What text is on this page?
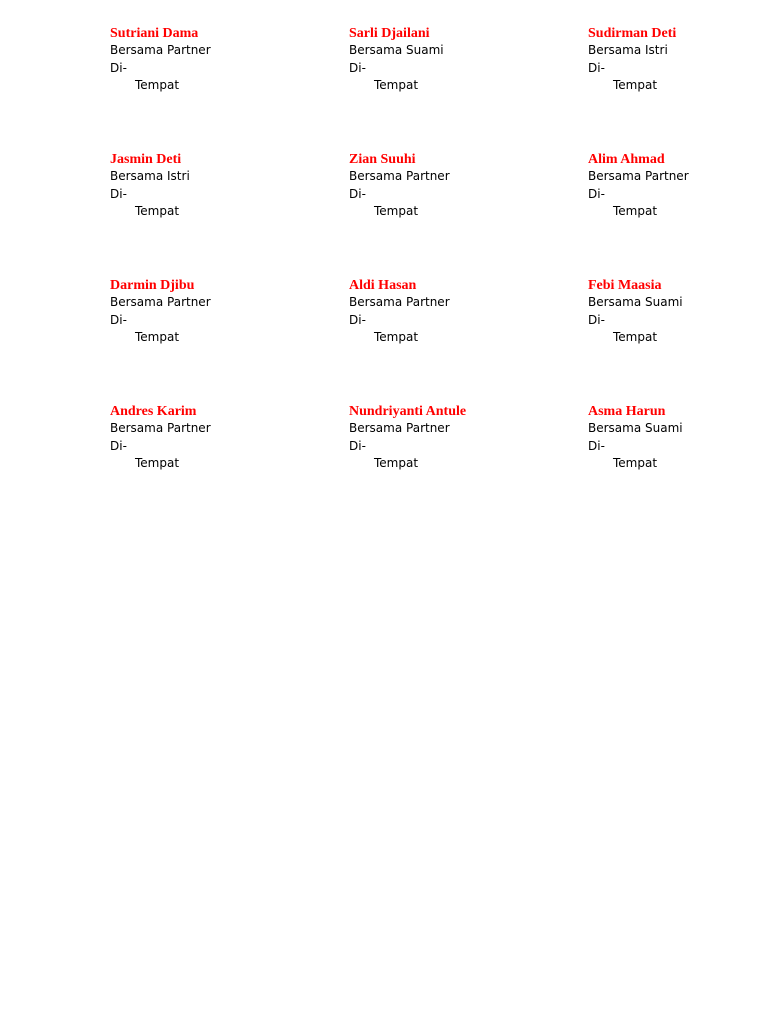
Sutriani Dama
Bersama Partner
Di-
Tempat
Sarli Djailani
Bersama Suami
Di-
Tempat
Sudirman Deti
Bersama Istri
Di-
Tempat
Jasmin Deti
Bersama Istri
Di-
Tempat
Zian Suuhi
Bersama Partner
Di-
Tempat
Alim Ahmad
Bersama Partner
Di-
Tempat
Darmin Djibu
Bersama Partner
Di-
Tempat
Aldi Hasan
Bersama Partner
Di-
Tempat
Febi Maasia
Bersama Suami
Di-
Tempat
Andres Karim
Bersama Partner
Di-
Tempat
Nundriyanti Antule
Bersama Partner
Di-
Tempat
Asma Harun
Bersama Suami
Di-
Tempat
